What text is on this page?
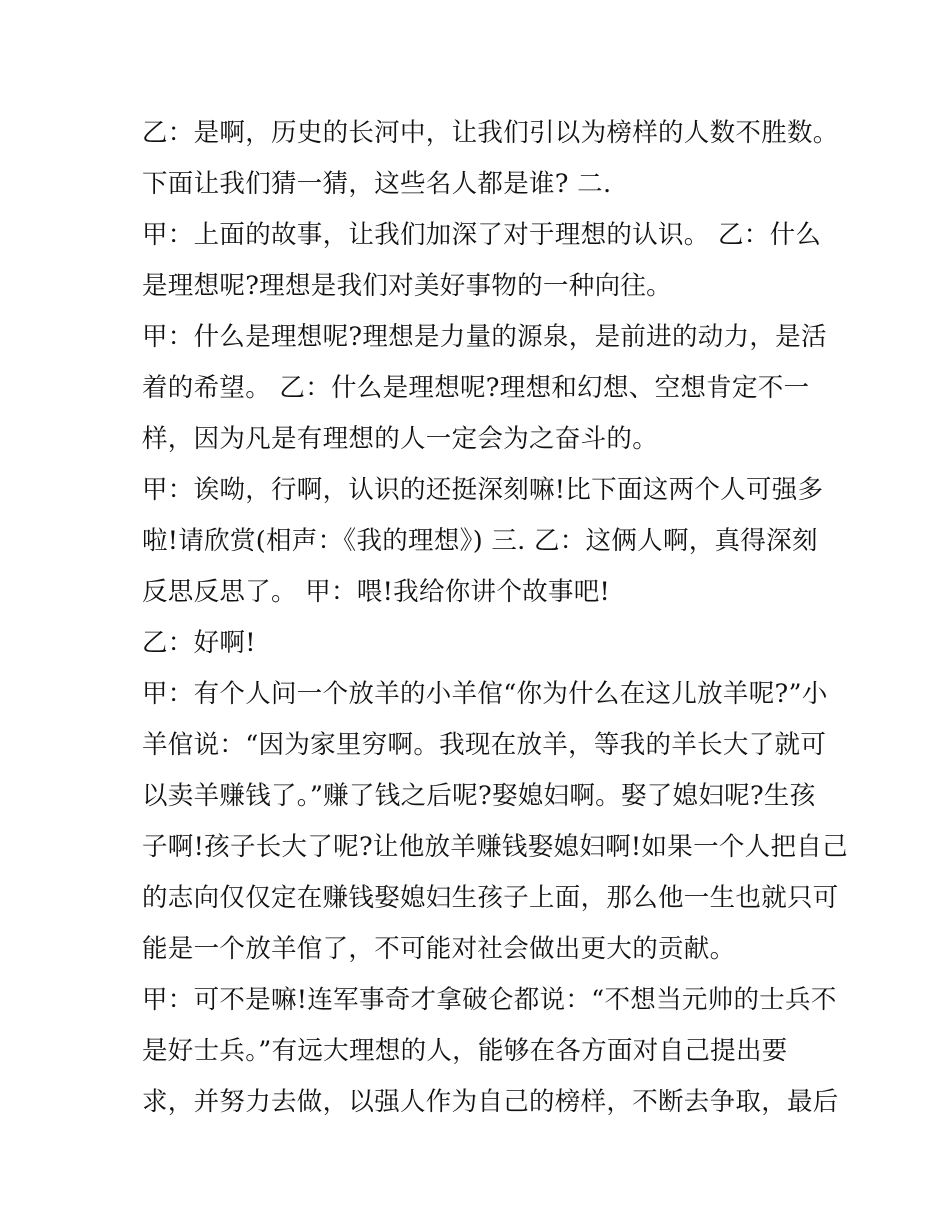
乙：是啊，历史的长河中，让我们引以为榜样的人数不胜数。
下面让我们猜一猜，这些名人都是谁? 二.
甲：上面的故事，让我们加深了对于理想的认识。 乙：什么
是理想呢?理想是我们对美好事物的一种向往。
甲：什么是理想呢?理想是力量的源泉，是前进的动力，是活
着的希望。 乙：什么是理想呢?理想和幻想、空想肯定不一
样，因为凡是有理想的人一定会为之奋斗的。
甲：诶呦，行啊，认识的还挺深刻嘛!比下面这两个人可强多
啦!请欣赏(相声：《我的理想》) 三. 乙：这俩人啊，真得深刻
反思反思了。 甲：喂!我给你讲个故事吧!
乙：好啊!
甲：有个人问一个放羊的小羊倌“你为什么在这儿放羊呢?”小
羊倌说：“因为家里穷啊。我现在放羊，等我的羊长大了就可
以卖羊赚钱了。”赚了钱之后呢?娶媳妇啊。娶了媳妇呢?生孩
子啊!孩子长大了呢?让他放羊赚钱娶媳妇啊!如果一个人把自己
的志向仅仅定在赚钱娶媳妇生孩子上面，那么他一生也就只可
能是一个放羊倌了，不可能对社会做出更大的贡献。
甲：可不是嘛!连军事奇才拿破仑都说：“不想当元帅的士兵不
是好士兵。”有远大理想的人，能够在各方面对自己提出要
求，并努力去做，以强人作为自己的榜样，不断去争取，最后
